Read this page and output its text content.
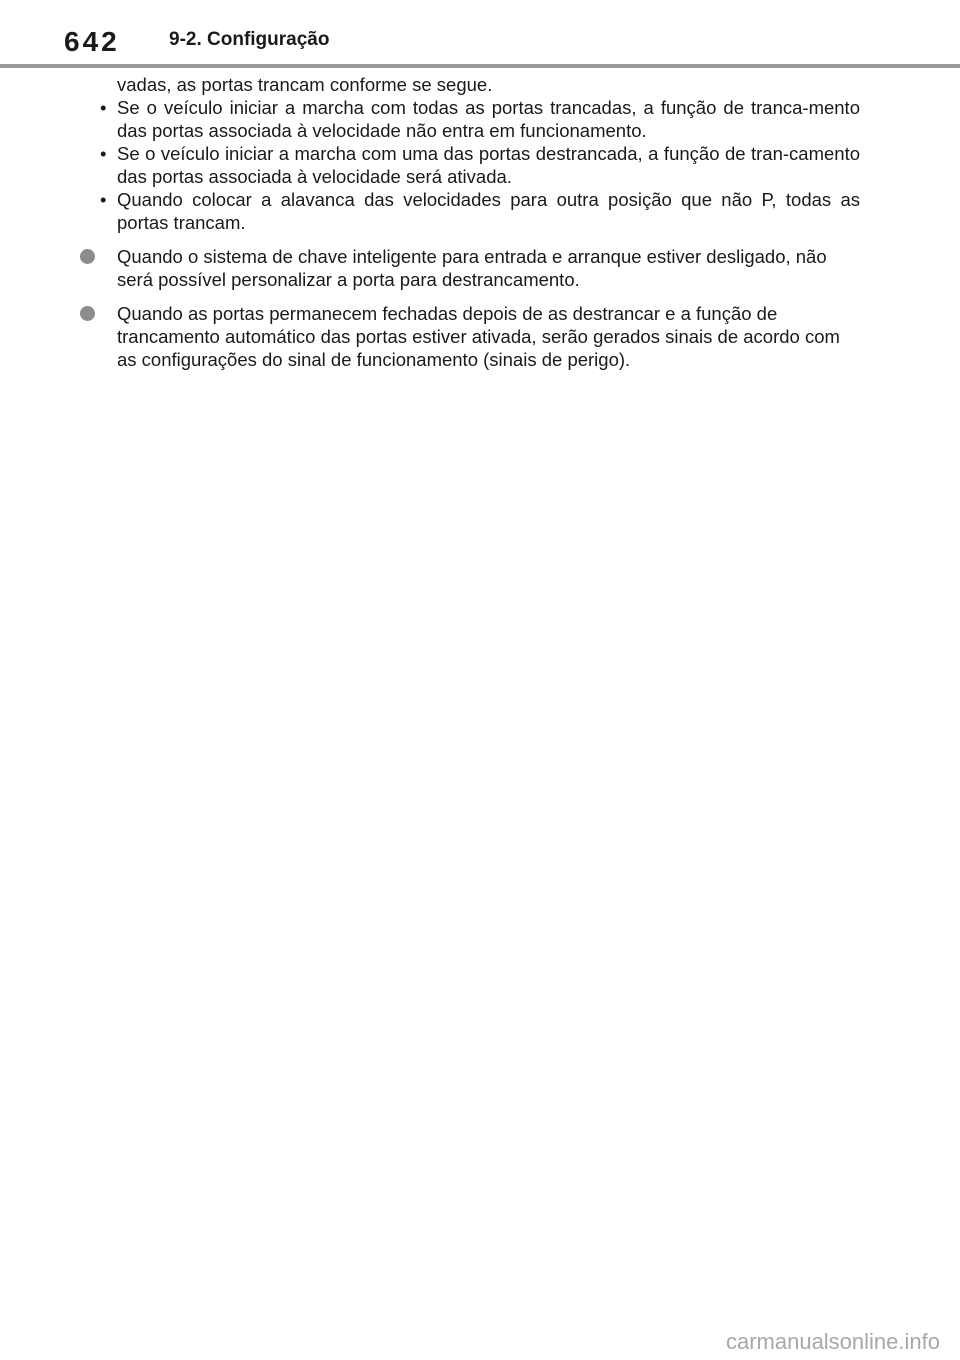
642	9-2. Configuração
vadas, as portas trancam conforme se segue.
• Se o veículo iniciar a marcha com todas as portas trancadas, a função de tranca-mento das portas associada à velocidade não entra em funcionamento.
• Se o veículo iniciar a marcha com uma das portas destrancada, a função de tran-camento das portas associada à velocidade será ativada.
• Quando colocar a alavanca das velocidades para outra posição que não P, todas as portas trancam.
Quando o sistema de chave inteligente para entrada e arranque estiver desligado, não será possível personalizar a porta para destrancamento.
Quando as portas permanecem fechadas depois de as destrancar e a função de trancamento automático das portas estiver ativada, serão gerados sinais de acordo com as configurações do sinal de funcionamento (sinais de perigo).
carmanualsonline.info
